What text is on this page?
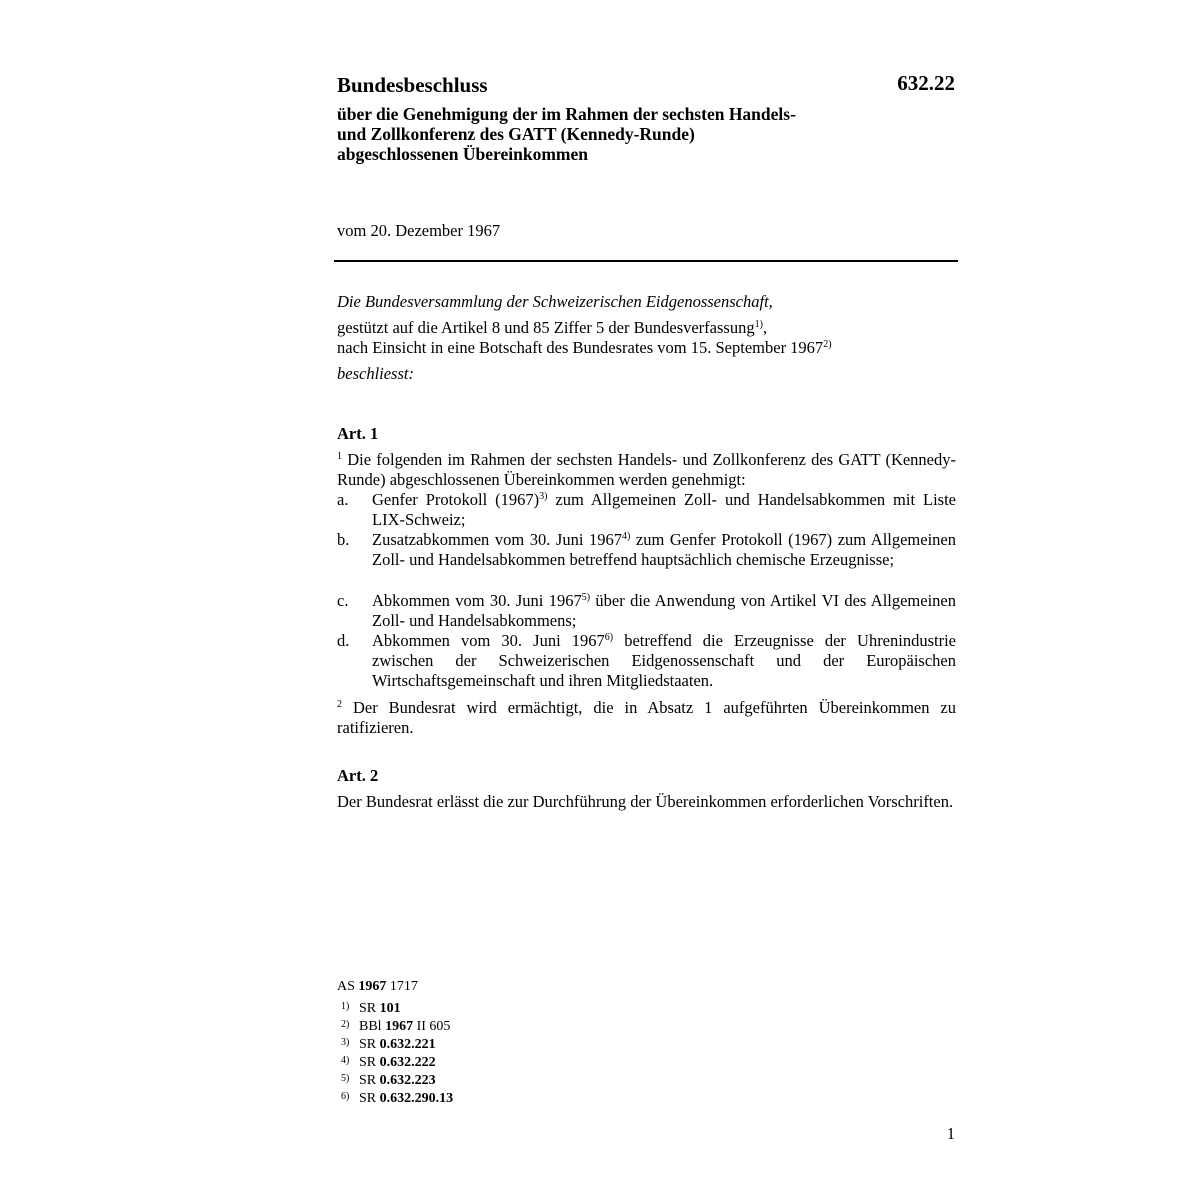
Bundesbeschluss	632.22
über die Genehmigung der im Rahmen der sechsten Handels-
und Zollkonferenz des GATT (Kennedy-Runde)
abgeschlossenen Übereinkommen
vom 20. Dezember 1967
Die Bundesversammlung der Schweizerischen Eidgenossenschaft,
gestützt auf die Artikel 8 und 85 Ziffer 5 der Bundesverfassung$^{1)}$,
nach Einsicht in eine Botschaft des Bundesrates vom 15. September 1967$^{2)}$
beschliesst:
Art. 1
$^1$ Die folgenden im Rahmen der sechsten Handels- und Zollkonferenz des GATT (Kennedy-Runde) abgeschlossenen Übereinkommen werden genehmigt:
a. Genfer Protokoll $(1967)^{3)}$ zum Allgemeinen Zoll- und Handelsabkommen mit Liste LIX-Schweiz;
b. Zusatzabkommen vom 30. Juni 1967$^{4)}$ zum Genfer Protokoll (1967) zum Allgemeinen Zoll- und Handelsabkommen betreffend hauptsächlich chemische Erzeugnisse;
c. Abkommen vom 30. Juni 1967$^{5)}$ über die Anwendung von Artikel VI des Allgemeinen Zoll- und Handelsabkommens;
d. Abkommen vom 30. Juni 1967$^{6)}$ betreffend die Erzeugnisse der Uhrenindustrie zwischen der Schweizerischen Eidgenossenschaft und der Europäischen Wirtschaftsgemeinschaft und ihren Mitgliedstaaten.
$^2$ Der Bundesrat wird ermächtigt, die in Absatz 1 aufgeführten Übereinkommen zu ratifizieren.
Art. 2
Der Bundesrat erlässt die zur Durchführung der Übereinkommen erforderlichen Vorschriften.
AS 1967 1717
1) SR 101
2) BBl 1967 II 605
3) SR 0.632.221
4) SR 0.632.222
5) SR 0.632.223
6) SR 0.632.290.13
1
